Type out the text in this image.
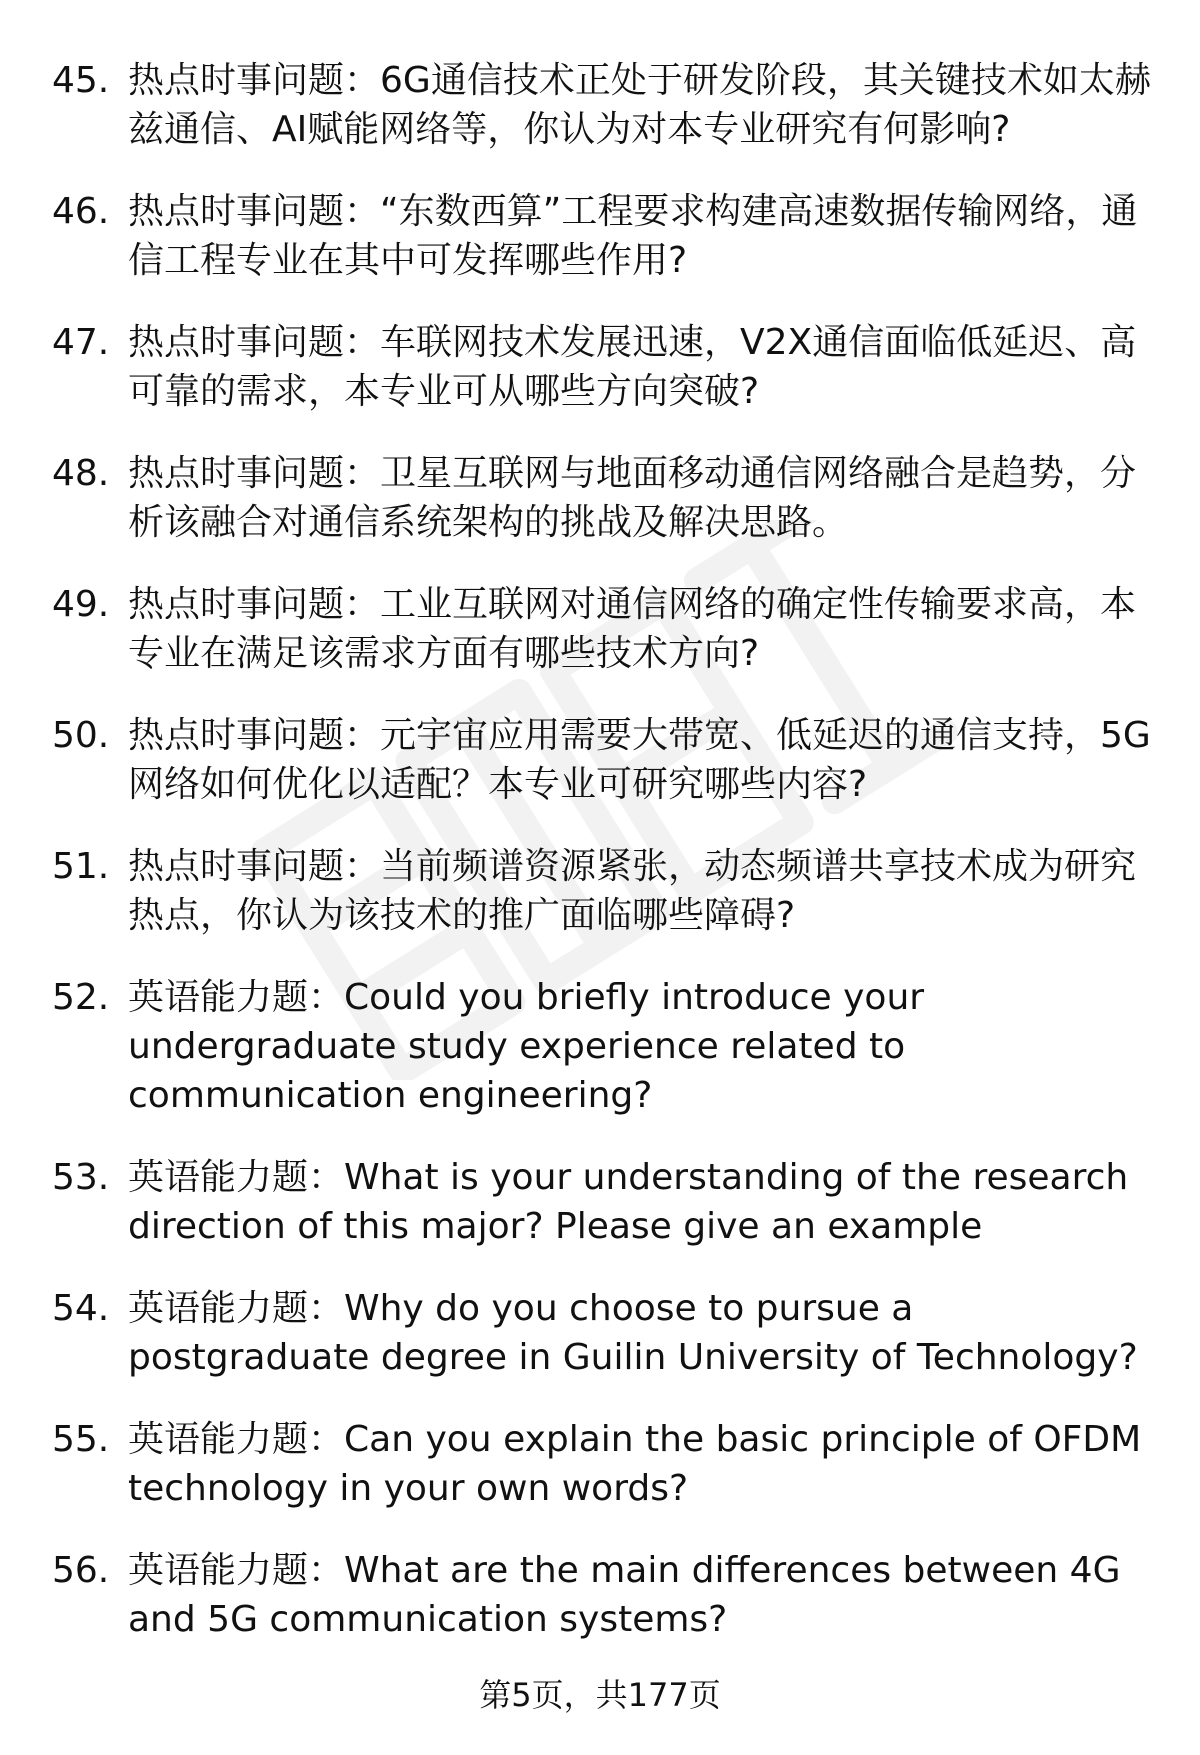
45. 热点时事问题：6G通信技术正处于研发阶段，其关键技术如太赫兹通信、AI赋能网络等，你认为对本专业研究有何影响?
46. 热点时事问题：“东数西算”工程要求构建高速数据传输网络，通信工程专业在其中可发挥哪些作用?
47. 热点时事问题：车联网技术发展迅速，V2X通信面临低延迟、高可靠的需求，本专业可从哪些方向突破?
48. 热点时事问题：卫星互联网与地面移动通信网络融合是趋势，分析该融合对通信系统架构的挑战及解决思路。
49. 热点时事问题：工业互联网对通信网络的确定性传输要求高，本专业在满足该需求方面有哪些技术方向?
50. 热点时事问题：元宇宙应用需要大带宽、低延迟的通信支持，5G网络如何优化以适配？本专业可研究哪些内容?
51. 热点时事问题：当前频谱资源紧张，动态频谱共享技术成为研究热点，你认为该技术的推广面临哪些障碍?
52. 英语能力题：Could you briefly introduce your undergraduate study experience related to communication engineering?
53. 英语能力题：What is your understanding of the research direction of this major? Please give an example
54. 英语能力题：Why do you choose to pursue a postgraduate degree in Guilin University of Technology?
55. 英语能力题：Can you explain the basic principle of OFDM technology in your own words?
56. 英语能力题：What are the main differences between 4G and 5G communication systems?
第5页，共177页
